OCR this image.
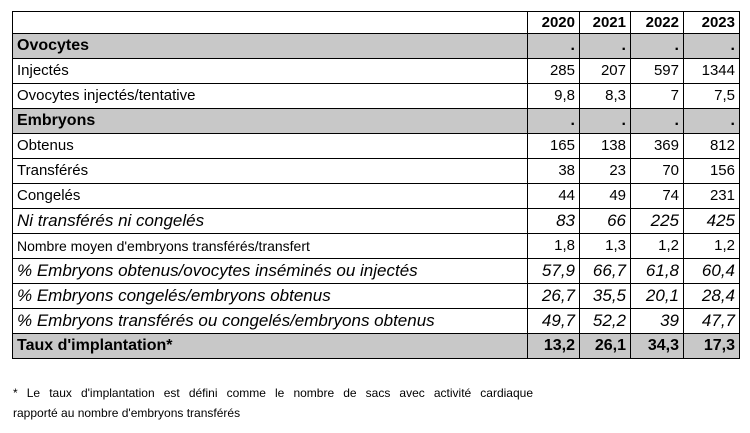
	2020	2021	2022	2023
Ovocytes	.	.	.	.
Injectés	285	207	597	1344
Ovocytes injectés/tentative	9,8	8,3	7	7,5
Embryons	.	.	.	.
Obtenus	165	138	369	812
Transférés	38	23	70	156
Congelés	44	49	74	231
Ni transférés ni congelés	83	66	225	425
Nombre moyen d'embryons transférés/transfert	1,8	1,3	1,2	1,2
% Embryons obtenus/ovocytes inséminés ou injectés	57,9	66,7	61,8	60,4
% Embryons congelés/embryons obtenus	26,7	35,5	20,1	28,4
% Embryons transférés ou congelés/embryons obtenus	49,7	52,2	39	47,7
Taux d'implantation*	13,2	26,1	34,3	17,3
* Le taux d'implantation est défini comme le nombre de sacs avec activité cardiaque
rapporté au nombre d'embryons transférés
